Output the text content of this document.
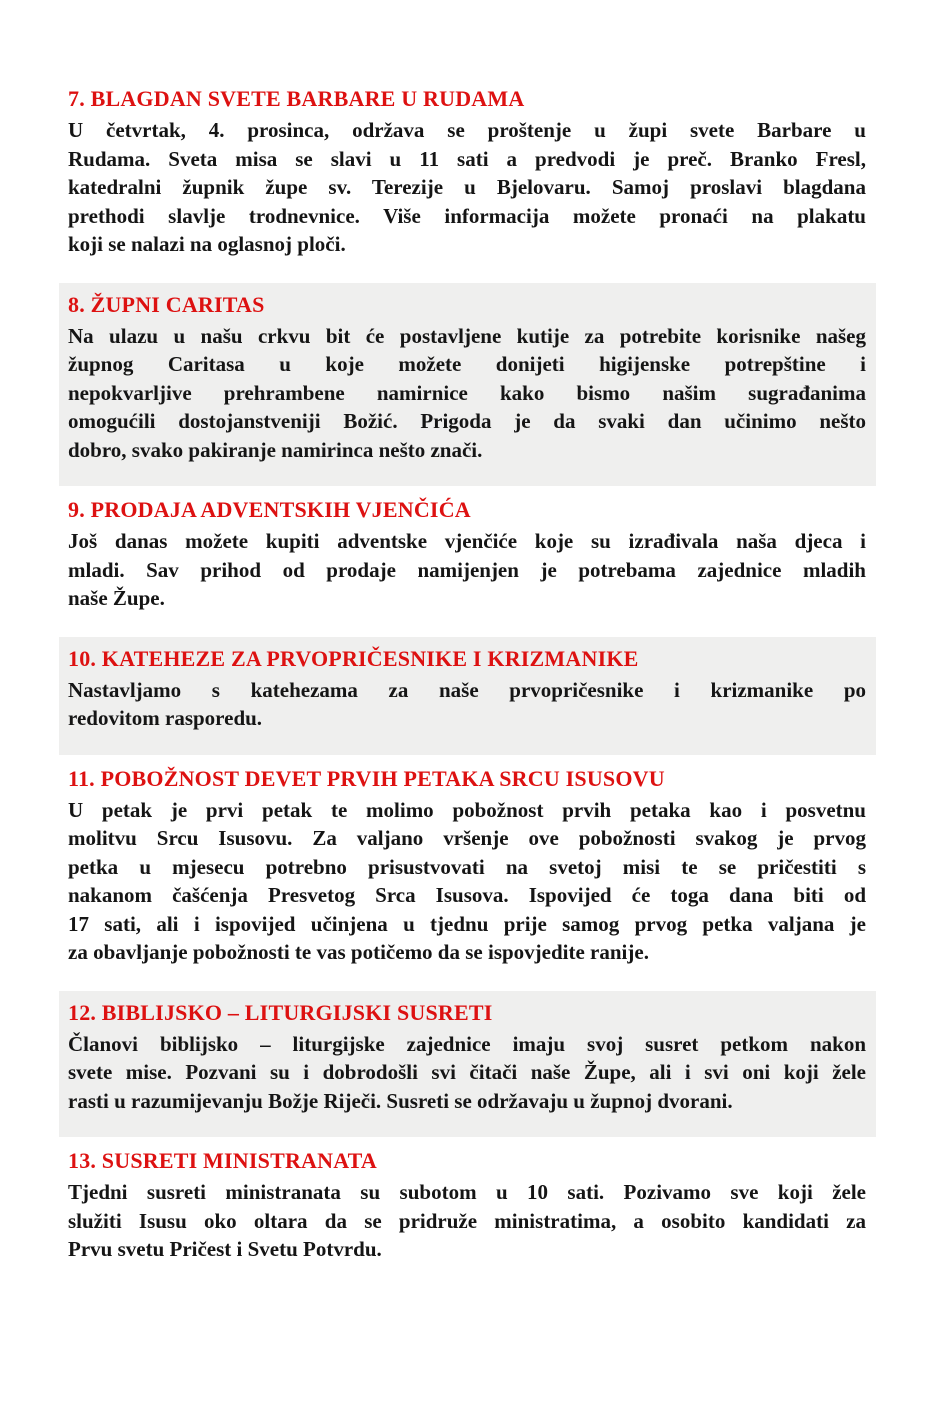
7. BLAGDAN SVETE BARBARE U RUDAMA
U četvrtak, 4. prosinca, održava se proštenje u župi svete Barbare u
Rudama. Sveta misa se slavi u 11 sati a predvodi je preč. Branko Fresl,
katedralni župnik župe sv. Terezije u Bjelovaru. Samoj proslavi blagdana
prethodi slavlje trodnevnice. Više informacija možete pronaći na plakatu
koji se nalazi na oglasnoj ploči.
8. ŽUPNI CARITAS
Na ulazu u našu crkvu bit će postavljene kutije za potrebite korisnike našeg
župnog Caritasa u koje možete donijeti higijenske potrepštine i
nepokvarljive prehrambene namirnice kako bismo našim sugrađanima
omogućili dostojanstveniji Božić. Prigoda je da svaki dan učinimo nešto
dobro, svako pakiranje namirinca nešto znači.
9. PRODAJA ADVENTSKIH VJENČIĆA
Još danas možete kupiti adventske vjenčiće koje su izrađivala naša djeca i
mladi. Sav prihod od prodaje namijenjen je potrebama zajednice mladih
naše Župe.
10. KATEHEZE ZA PRVOPRIČESNIKE I KRIZMANIKE
Nastavljamo s katehezama za naše prvopričesnike i krizmanike po
redovitom rasporedu.
11. POBOŽNOST DEVET PRVIH PETAKA SRCU ISUSOVU
U petak je prvi petak te molimo pobožnost prvih petaka kao i posvetnu
molitvu Srcu Isusovu. Za valjano vršenje ove pobožnosti svakog je prvog
petka u mjesecu potrebno prisustvovati na svetoj misi te se pričestiti s
nakanom čašćenja Presvetog Srca Isusova. Ispovijed će toga dana biti od
17 sati, ali i ispovijed učinjena u tjednu prije samog prvog petka valjana je
za obavljanje pobožnosti te vas potičemo da se ispovjedite ranije.
12. BIBLIJSKO – LITURGIJSKI SUSRETI
Članovi biblijsko – liturgijske zajednice imaju svoj susret petkom nakon
svete mise. Pozvani su i dobrodošli svi čitači naše Župe, ali i svi oni koji žele
rasti u razumijevanju Božje Riječi. Susreti se održavaju u župnoj dvorani.
13. SUSRETI MINISTRANATA
Tjedni susreti ministranata su subotom u 10 sati. Pozivamo sve koji žele
služiti Isusu oko oltara da se pridruže ministratima, a osobito kandidati za
Prvu svetu Pričest i Svetu Potvrdu.
